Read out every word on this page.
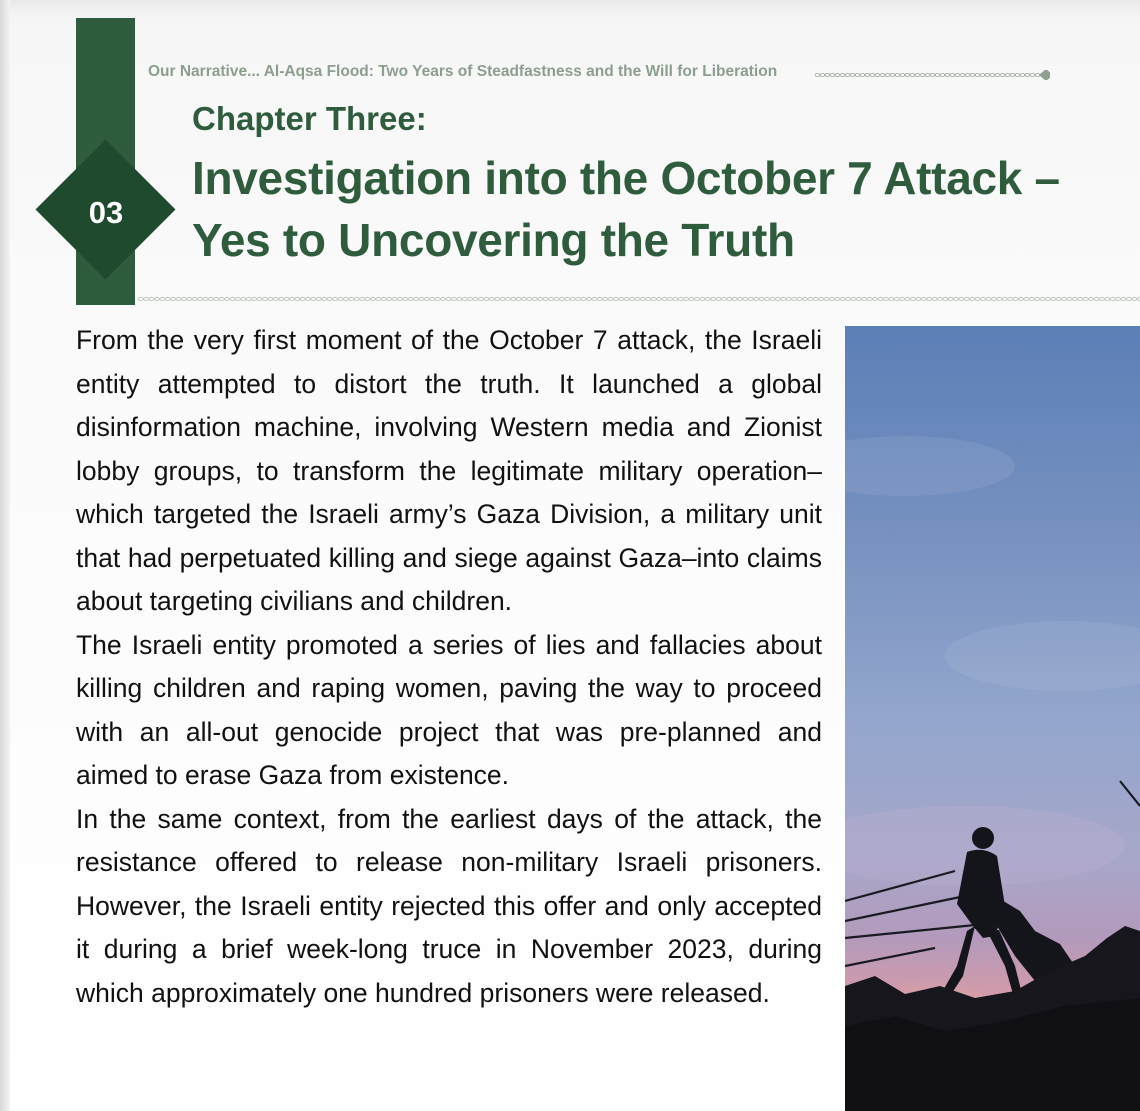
03
Our Narrative... Al-Aqsa Flood: Two Years of Steadfastness and the Will for Liberation
Chapter Three:
Investigation into the October 7 Attack – Yes to Uncovering the Truth

From the very first moment of the October 7 attack, the Israeli entity attempted to distort the truth. It launched a global disinformation machine, involving Western media and Zionist lobby groups, to transform the legitimate military operation–which targeted the Israeli army’s Gaza Division, a military unit that had perpetuated killing and siege against Gaza–into claims about targeting civilians and children.

The Israeli entity promoted a series of lies and fallacies about killing children and raping women, paving the way to proceed with an all-out genocide project that was pre-planned and aimed to erase Gaza from existence.

In the same context, from the earliest days of the attack, the resistance offered to release non-military Israeli prisoners. However, the Israeli entity rejected this offer and only accepted it during a brief week-long truce in November 2023, during which approximately one hundred prisoners were released.
